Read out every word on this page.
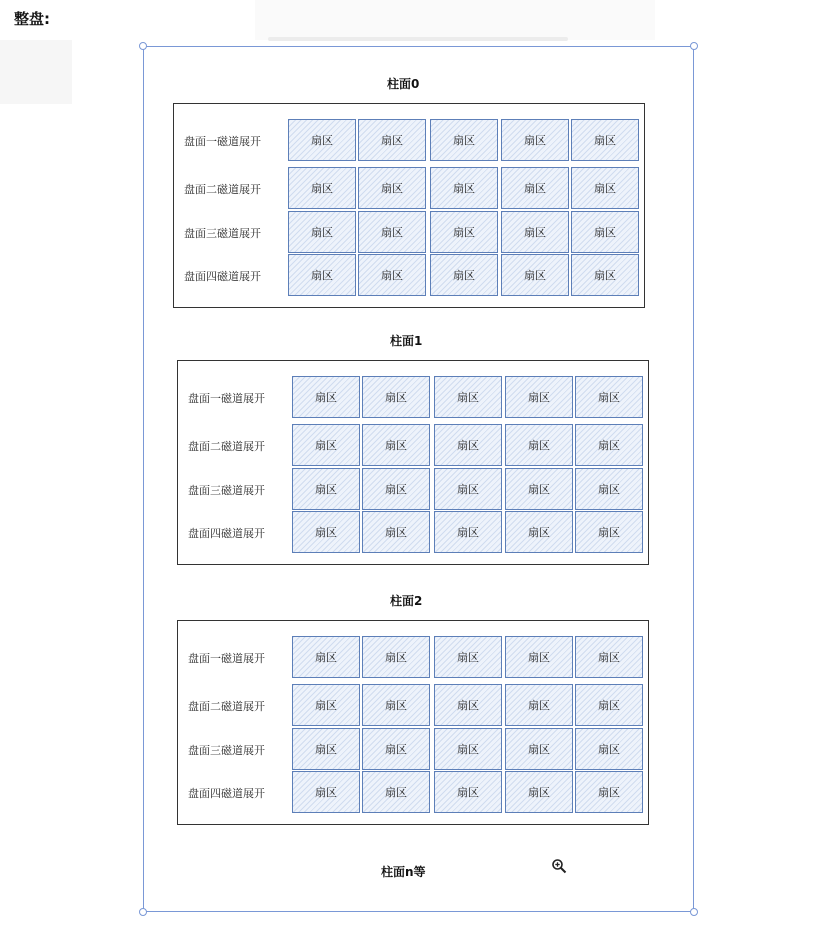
整盘:
柱面0
盘面一磁道展开	扇区	扇区	扇区	扇区	扇区
盘面二磁道展开	扇区	扇区	扇区	扇区	扇区
盘面三磁道展开	扇区	扇区	扇区	扇区	扇区
盘面四磁道展开	扇区	扇区	扇区	扇区	扇区
柱面1
盘面一磁道展开	扇区	扇区	扇区	扇区	扇区
盘面二磁道展开	扇区	扇区	扇区	扇区	扇区
盘面三磁道展开	扇区	扇区	扇区	扇区	扇区
盘面四磁道展开	扇区	扇区	扇区	扇区	扇区
柱面2
盘面一磁道展开	扇区	扇区	扇区	扇区	扇区
盘面二磁道展开	扇区	扇区	扇区	扇区	扇区
盘面三磁道展开	扇区	扇区	扇区	扇区	扇区
盘面四磁道展开	扇区	扇区	扇区	扇区	扇区
柱面n等
